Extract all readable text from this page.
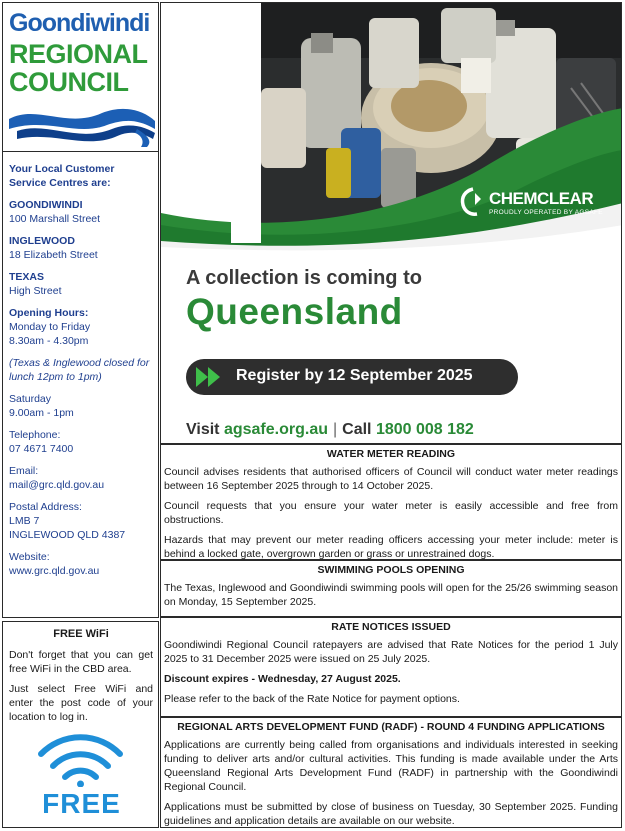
Goondiwindi
REGIONAL
COUNCIL
Your Local Customer Service Centres are:
GOONDIWINDI
100 Marshall Street
INGLEWOOD
18 Elizabeth Street
TEXAS
High Street
Opening Hours:
Monday to Friday
8.30am - 4.30pm
(Texas & Inglewood closed for lunch 12pm to 1pm)
Saturday
9.00am - 1pm
Telephone:
07 4671 7400
Email:
mail@grc.qld.gov.au
Postal Address:
LMB 7
INGLEWOOD QLD 4387
Website:
www.grc.qld.gov.au
FREE WiFi
Don't forget that you can get free WiFi in the CBD area.
Just select Free WiFi and enter the post code of your location to log in.
FREE
CHEMCLEAR
PROUDLY OPERATED BY AGSAFE
A collection is coming to
Queensland
Register by 12 September 2025
Visit agsafe.org.au | Call 1800 008 182
WATER METER READING

Council advises residents that authorised officers of Council will conduct water meter readings between 16 September 2025 through to 14 October 2025.

Council requests that you ensure your water meter is easily accessible and free from obstructions.

Hazards that may prevent our meter reading officers accessing your meter include: meter is behind a locked gate, overgrown garden or grass or unrestrained dogs.

SWIMMING POOLS OPENING

The Texas, Inglewood and Goondiwindi swimming pools will open for the 25/26 swimming season on Monday, 15 September 2025.

RATE NOTICES ISSUED

Goondiwindi Regional Council ratepayers are advised that Rate Notices for the period 1 July 2025 to 31 December 2025 were issued on 25 July 2025.

Discount expires - Wednesday, 27 August 2025.

Please refer to the back of the Rate Notice for payment options.

REGIONAL ARTS DEVELOPMENT FUND (RADF) - ROUND 4 FUNDING APPLICATIONS

Applications are currently being called from organisations and individuals interested in seeking funding to deliver arts and/or cultural activities. This funding is made available under the Arts Queensland Regional Arts Development Fund (RADF) in partnership with the Goondiwindi Regional Council.

Applications must be submitted by close of business on Tuesday, 30 September 2025. Funding guidelines and application details are available on our website.
